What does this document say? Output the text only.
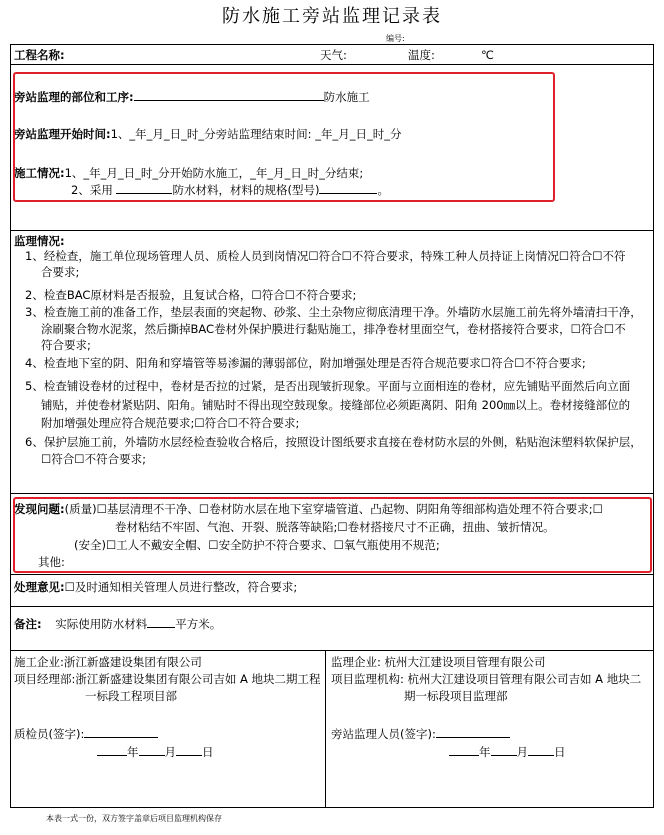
防水施工旁站监理记录表
编号:
工程名称:	天气:	温度:	℃
旁站监理的部位和工序:	防水施工
旁站监理开始时间:1、_年_月_日_时_分旁站监理结束时间: _年_月_日_时_分
施工情况:1、_年_月_日_时_分开始防水施工，_年_月_日_时_分结束;
2、采用	防水材料，材料的规格(型号)	。
监理情况:
1、经检查，施工单位现场管理人员、质检人员到岗情况☐符合☐不符合要求，特殊工种人员持证上岗情况☐符合☐不符
合要求;
2、检查BAC原材料是否报验，且复试合格，☐符合☐不符合要求;
3、检查施工前的准备工作，垫层表面的突起物、砂浆、尘土杂物应彻底清理干净。外墙防水层施工前先将外墙清扫干净，
涂刷聚合物水泥浆，然后撕掉BAC卷材外保护膜进行黏贴施工，排净卷材里面空气，卷材搭接符合要求，☐符合☐不
符合要求;
4、检查地下室的阴、阳角和穿墙管等易渗漏的薄弱部位，附加增强处理是否符合规范要求☐符合☐不符合要求;
5、检查铺设卷材的过程中，卷材是否拉的过紧，是否出现皱折现象。平面与立面相连的卷材，应先铺贴平面然后向立面
铺贴，并使卷材紧贴阴、阳角。铺贴时不得出现空鼓现象。接缝部位必须距离阴、阳角 200㎜以上。卷材接缝部位的
附加增强处理应符合规范要求;☐符合☐不符合要求;
6、保护层施工前，外墙防水层经检查验收合格后，按照设计图纸要求直接在卷材防水层的外侧，粘贴泡沫塑料软保护层，
☐符合☐不符合要求;
发现问题:(质量)☐基层清理不干净、☐卷材防水层在地下室穿墙管道、凸起物、阴阳角等细部构造处理不符合要求;☐
卷材粘结不牢固、气泡、开裂、脱落等缺陷;☐卷材搭接尺寸不正确，扭曲、皱折情况。
(安全)☐工人不戴安全帽、☐安全防护不符合要求、☐氧气瓶使用不规范;
其他:
处理意见:☐及时通知相关管理人员进行整改，符合要求;
备注: 实际使用防水材料 平方米。
施工企业:浙江新盛建设集团有限公司
项目经理部:浙江新盛建设集团有限公司吉如 A 地块二期工程
一标段工程项目部
质检员(签字):
年 月 日
监理企业: 杭州大江建设项目管理有限公司
项目监理机构: 杭州大江建设项目管理有限公司吉如 A 地块二
期一标段项目监理部
旁站监理人员(签字):
年 月 日
本表一式一份，双方签字盖章后项目监理机构保存
